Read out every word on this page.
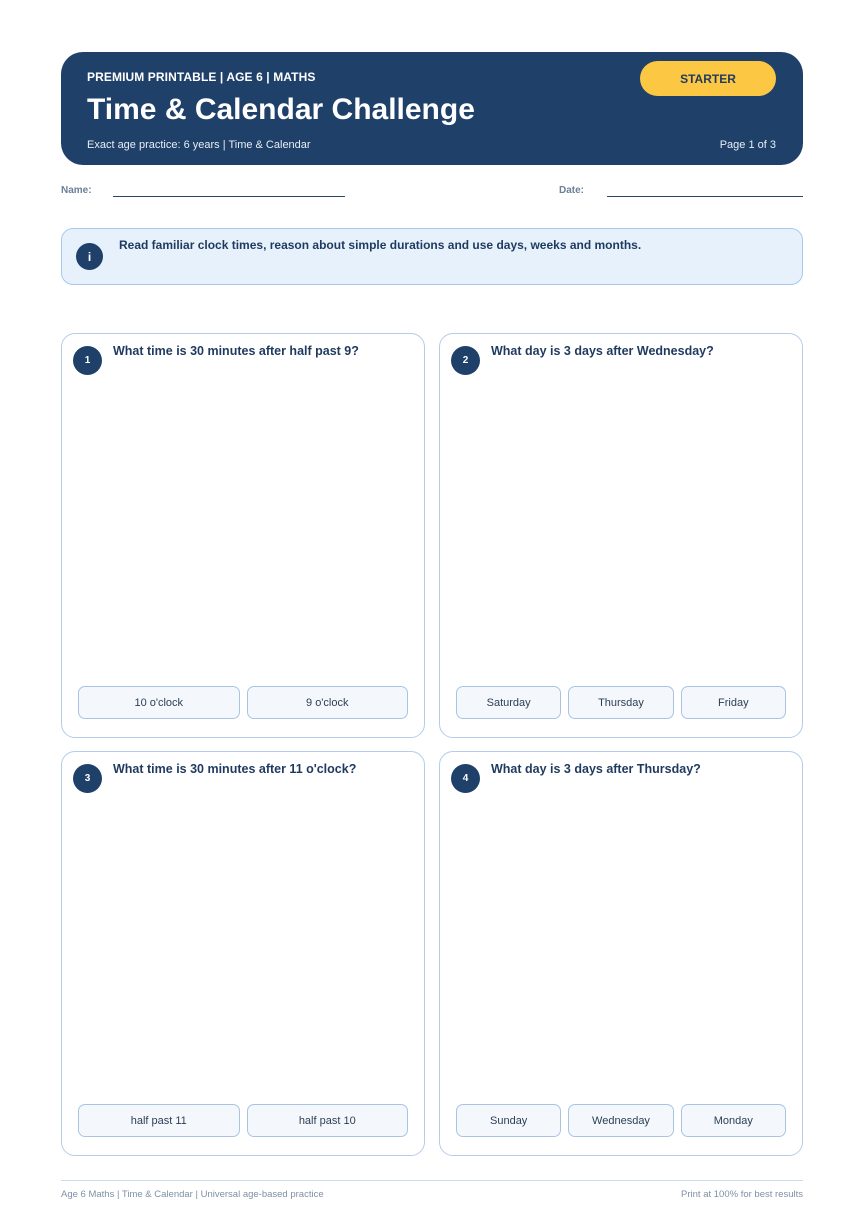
PREMIUM PRINTABLE | AGE 6 | MATHS
Time & Calendar Challenge
Exact age practice: 6 years | Time & Calendar	Page 1 of 3
STARTER
Name:	Date:
i
Read familiar clock times, reason about simple durations and use days, weeks and months.
1
What time is 30 minutes after half past 9?
10 o'clock	9 o'clock
2
What day is 3 days after Wednesday?
Saturday	Thursday	Friday
3
What time is 30 minutes after 11 o'clock?
half past 11	half past 10
4
What day is 3 days after Thursday?
Sunday	Wednesday	Monday
Age 6 Maths | Time & Calendar | Universal age-based practice	Print at 100% for best results
